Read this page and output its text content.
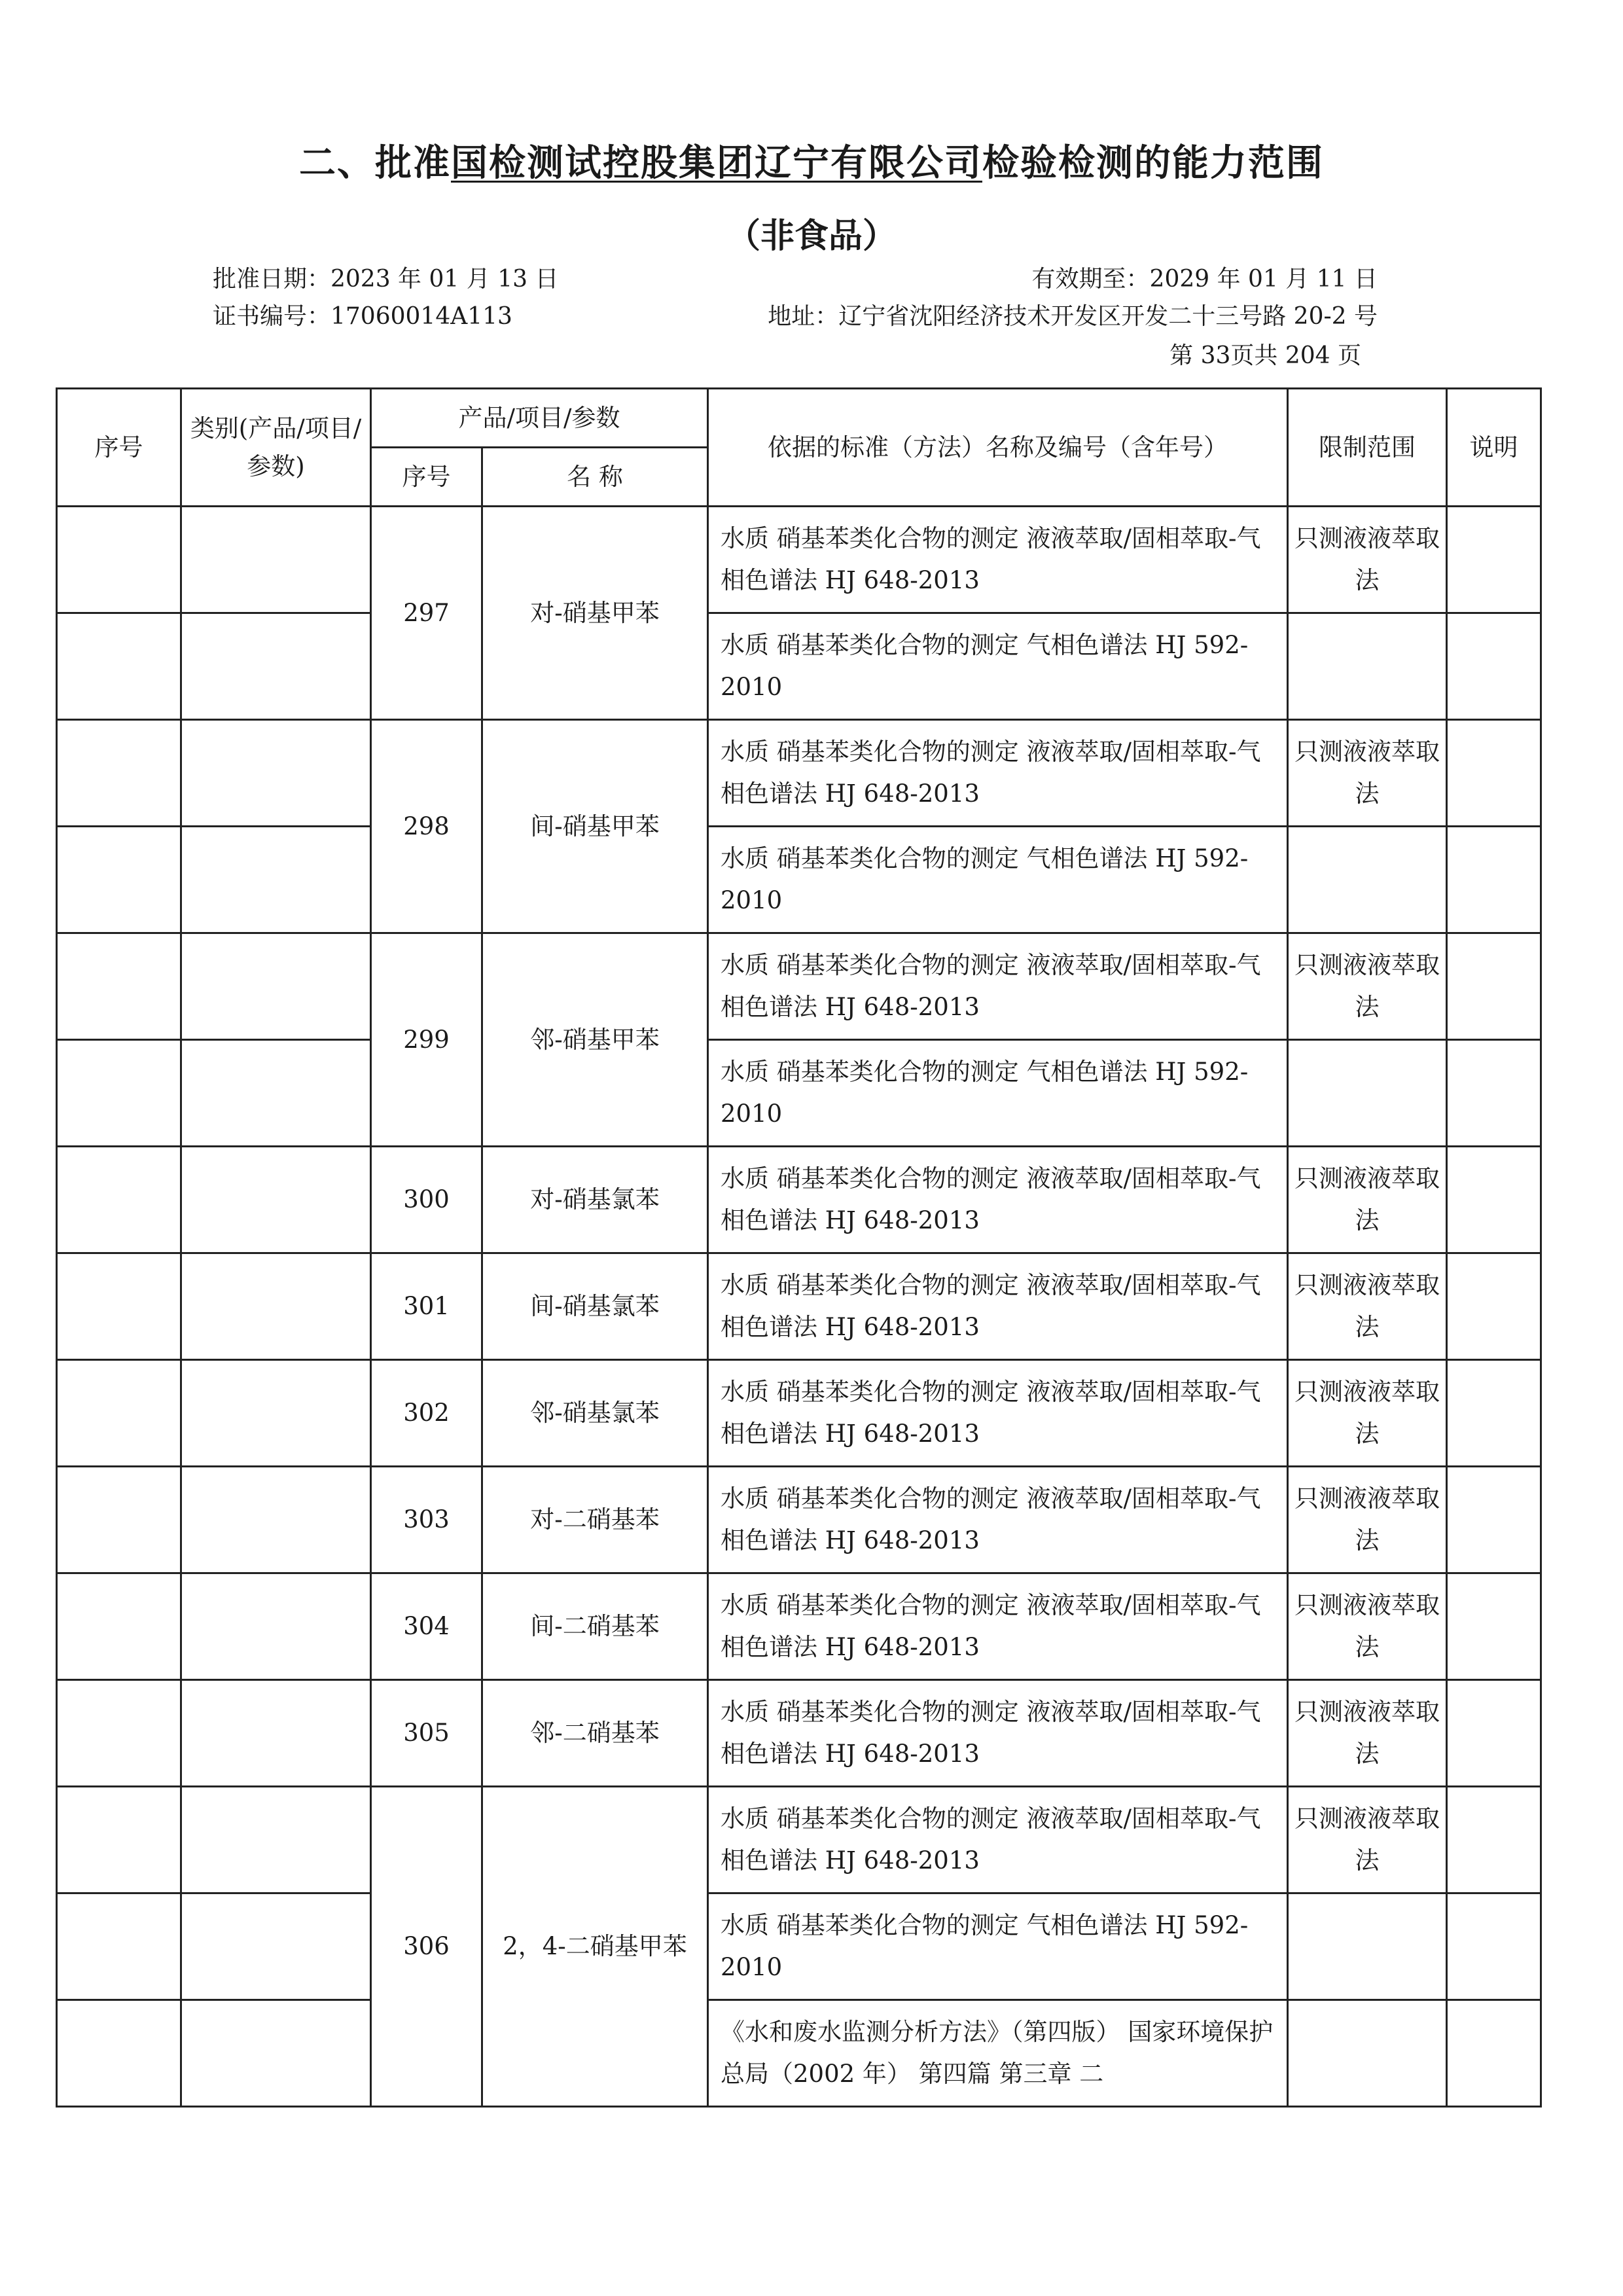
二、批准国检测试控股集团辽宁有限公司检验检测的能力范围
（非食品）
批准日期：2023 年 01 月 13 日	有效期至：2029 年 01 月 11 日
证书编号：17060014A113	地址：辽宁省沈阳经济技术开发区开发二十三号路 20-2 号
第 33页共 204 页
序号	类别(产品/项目/参数)	产品/项目/参数		依据的标准（方法）名称及编号（含年号）	限制范围	说明
		序号	名 称			
		297	对-硝基甲苯	水质 硝基苯类化合物的测定 液液萃取/固相萃取-气相色谱法 HJ 648-2013	只测液液萃取法	
				水质 硝基苯类化合物的测定 气相色谱法 HJ 592-2010		
		298	间-硝基甲苯	水质 硝基苯类化合物的测定 液液萃取/固相萃取-气相色谱法 HJ 648-2013	只测液液萃取法	
				水质 硝基苯类化合物的测定 气相色谱法 HJ 592-2010		
		299	邻-硝基甲苯	水质 硝基苯类化合物的测定 液液萃取/固相萃取-气相色谱法 HJ 648-2013	只测液液萃取法	
				水质 硝基苯类化合物的测定 气相色谱法 HJ 592-2010		
		300	对-硝基氯苯	水质 硝基苯类化合物的测定 液液萃取/固相萃取-气相色谱法 HJ 648-2013	只测液液萃取法	
		301	间-硝基氯苯	水质 硝基苯类化合物的测定 液液萃取/固相萃取-气相色谱法 HJ 648-2013	只测液液萃取法	
		302	邻-硝基氯苯	水质 硝基苯类化合物的测定 液液萃取/固相萃取-气相色谱法 HJ 648-2013	只测液液萃取法	
		303	对-二硝基苯	水质 硝基苯类化合物的测定 液液萃取/固相萃取-气相色谱法 HJ 648-2013	只测液液萃取法	
		304	间-二硝基苯	水质 硝基苯类化合物的测定 液液萃取/固相萃取-气相色谱法 HJ 648-2013	只测液液萃取法	
		305	邻-二硝基苯	水质 硝基苯类化合物的测定 液液萃取/固相萃取-气相色谱法 HJ 648-2013	只测液液萃取法	
		306	2，4-二硝基甲苯	水质 硝基苯类化合物的测定 液液萃取/固相萃取-气相色谱法 HJ 648-2013	只测液液萃取法	
				水质 硝基苯类化合物的测定 气相色谱法 HJ 592-2010		
				《水和废水监测分析方法》（第四版） 国家环境保护总局（2002 年） 第四篇 第三章 二		
